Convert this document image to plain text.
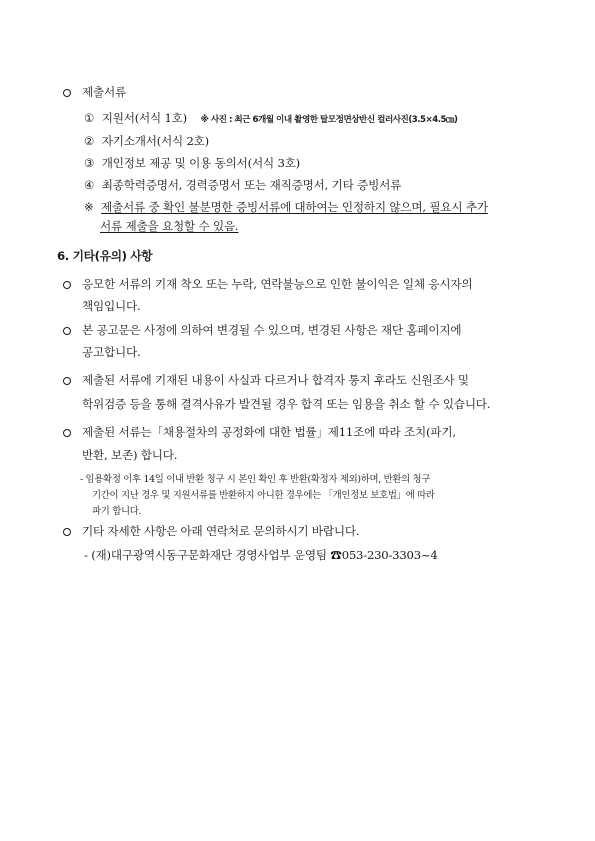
제출서류
① 지원서(서식 1호) ※ 사진 : 최근 6개월 이내 촬영한 탈모정면상반신 컬러사진(3.5×4.5㎝)
② 자기소개서(서식 2호)
③ 개인정보 제공 및 이용 동의서(서식 3호)
④ 최종학력증명서, 경력증명서 또는 재직증명서, 기타 증빙서류
※ 제출서류 중 확인 불분명한 증빙서류에 대하여는 인정하지 않으며, 필요시 추가
서류 제출을 요청할 수 있음.
6. 기타(유의) 사항
응모한 서류의 기재 착오 또는 누락, 연락불능으로 인한 불이익은 일체 응시자의
책임입니다.
본 공고문은 사정에 의하여 변경될 수 있으며, 변경된 사항은 재단 홈페이지에
공고합니다.
제출된 서류에 기재된 내용이 사실과 다르거나 합격자 통지 후라도 신원조사 및
학위검증 등을 통해 결격사유가 발견될 경우 합격 또는 임용을 취소 할 수 있습니다.
제출된 서류는「채용절차의 공정화에 대한 법률」제11조에 따라 조치(파기,
반환, 보존) 합니다.
- 임용확정 이후 14일 이내 반환 청구 시 본인 확인 후 반환(확정자 제외)하며, 반환의 청구
기간이 지난 경우 및 지원서류를 반환하지 아니한 경우에는 「개인정보 보호법」에 따라
파기 합니다.
기타 자세한 사항은 아래 연락처로 문의하시기 바랍니다.
- (재)대구광역시동구문화재단 경영사업부 운영팀 ☎053-230-3303~4
